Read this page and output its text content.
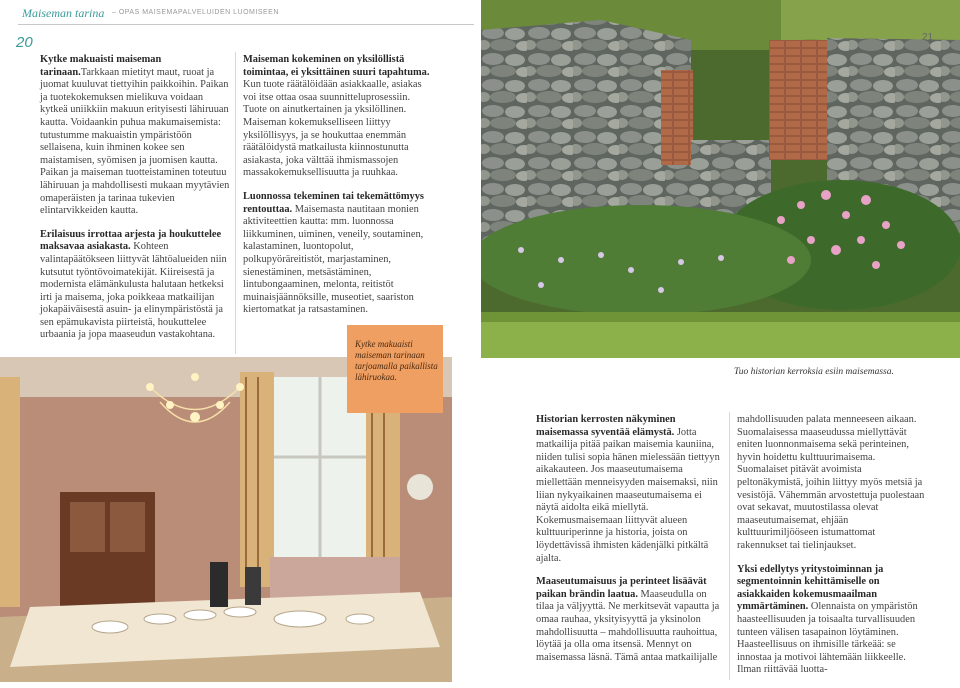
Maiseman tarina – OPAS MAISEMAPALVELUIDEN LUOMISEEN
20

Kytke makuaisti maiseman tarinaan.Tarkkaan mietityt maut, ruoat ja juomat kuuluvat tiettyihin paikkoihin. Paikan ja tuotekokemuksen mielikuva voidaan kytkeä uniikkiin makuun erityisesti lähiruuan kautta. Voidaankin puhua makumaisemista: tutustumme makuaistin ympäristöön sellaisena, kuin ihminen kokee sen maistamisen, syömisen ja juomisen kautta. Paikan ja maiseman tuotteistaminen toteutuu lähiruuan ja mahdollisesti mukaan myytävien omaperäisten ja tarinaa tukevien elintarvikkeiden kautta.

Erilaisuus irrottaa arjesta ja houkuttelee maksavaa asiakasta. Kohteen valintapäätökseen liittyvät lähtöalueiden niin kutsutut työntövoimatekijät. Kiireisestä ja modernista elämänkulusta halutaan hetkeksi irti ja maisema, joka poikkeaa matkailijan jokapäiväisestä asuin- ja elinympäristöstä ja sen epämukavista piirteistä, houkuttelee urbaania ja jopa maaseudun vastakohtana.

Maiseman kokeminen on yksilöllistä toimintaa, ei yksittäinen suuri tapahtuma. Kun tuote räätälöidään asiakkaalle, asiakas voi itse ottaa osaa suunnitteluprosessiin. Tuote on ainutkertainen ja yksilöllinen. Maiseman kokemukselliseen liittyy yksilöllisyys, ja se houkuttaa enemmän räätälöidystä matkailusta kiinnostunutta asiakasta, joka välttää ihmismassojen massakokemuksellisuutta ja ruuhkaa.

Luonnossa tekeminen tai tekemättömyys rentouttaa. Maisemasta nautitaan monien aktiviteettien kautta: mm. luonnossa liikkuminen, uiminen, veneily, soutaminen, kalastaminen, luontopolut, polkupyöräreitistöt, marjastaminen, sienestäminen, metsästäminen, lintubongaaminen, melonta, reitistöt muinaisjäännöksille, museotiet, saariston kiertomatkat ja ratsastaminen.

21
Kytke makuaisti maiseman tarinaan tarjoamalla paikallista lähiruokaa.	Tuo historian kerroksia esiin maisemassa.

Historian kerrosten näkyminen maisemassa syventää elämystä. Jotta matkailija pitää paikan maisemia kauniina, niiden tulisi sopia hänen mielessään tiettyyn aikakauteen. Jos maaseutumaisema miellettään menneisyyden maisemaksi, niin liian nykyaikainen maaseutumaisema ei näytä aidolta eikä miellytä. Kokemusmaisemaan liittyvät alueen kulttuuriperinne ja historia, joista on löydettävissä ihmisten kädenjälki pitkältä ajalta.

Maaseutumaisuus ja perinteet lisäävät paikan brändin laatua. Maaseudulla on tilaa ja väljyyttä. Ne merkitsevät vapautta ja omaa rauhaa, yksityisyyttä ja yksinolon mahdollisuutta – mahdollisuutta rauhoittua, löytää ja olla oma itsensä. Mennyt on maisemassa läsnä. Tämä antaa matkailijalle

mahdollisuuden palata menneeseen aikaan. Suomalaisessa maaseudussa miellyttävät eniten luonnonmaisema sekä perinteinen, hyvin hoidettu kulttuurimaisema. Suomalaiset pitävät avoimista peltonäkymistä, joihin liittyy myös metsiä ja vesistöjä. Vähemmän arvostettuja puolestaan ovat sekavat, muutostilassa olevat maaseutumaisemat, ehjään kulttuurimiljööseen istumattomat rakennukset tai tielinjaukset.

Yksi edellytys yritystoiminnan ja segmentoinnin kehittämiselle on asiakkaiden kokemusmaailman ymmärtäminen. Olennaista on ympäristön haasteellisuuden ja toisaalta turvallisuuden tunteen välisen tasapainon löytäminen. Haasteellisuus on ihmisille tärkeää: se innostaa ja motivoi lähtemään liikkeelle. Ilman riittävää luotta-
